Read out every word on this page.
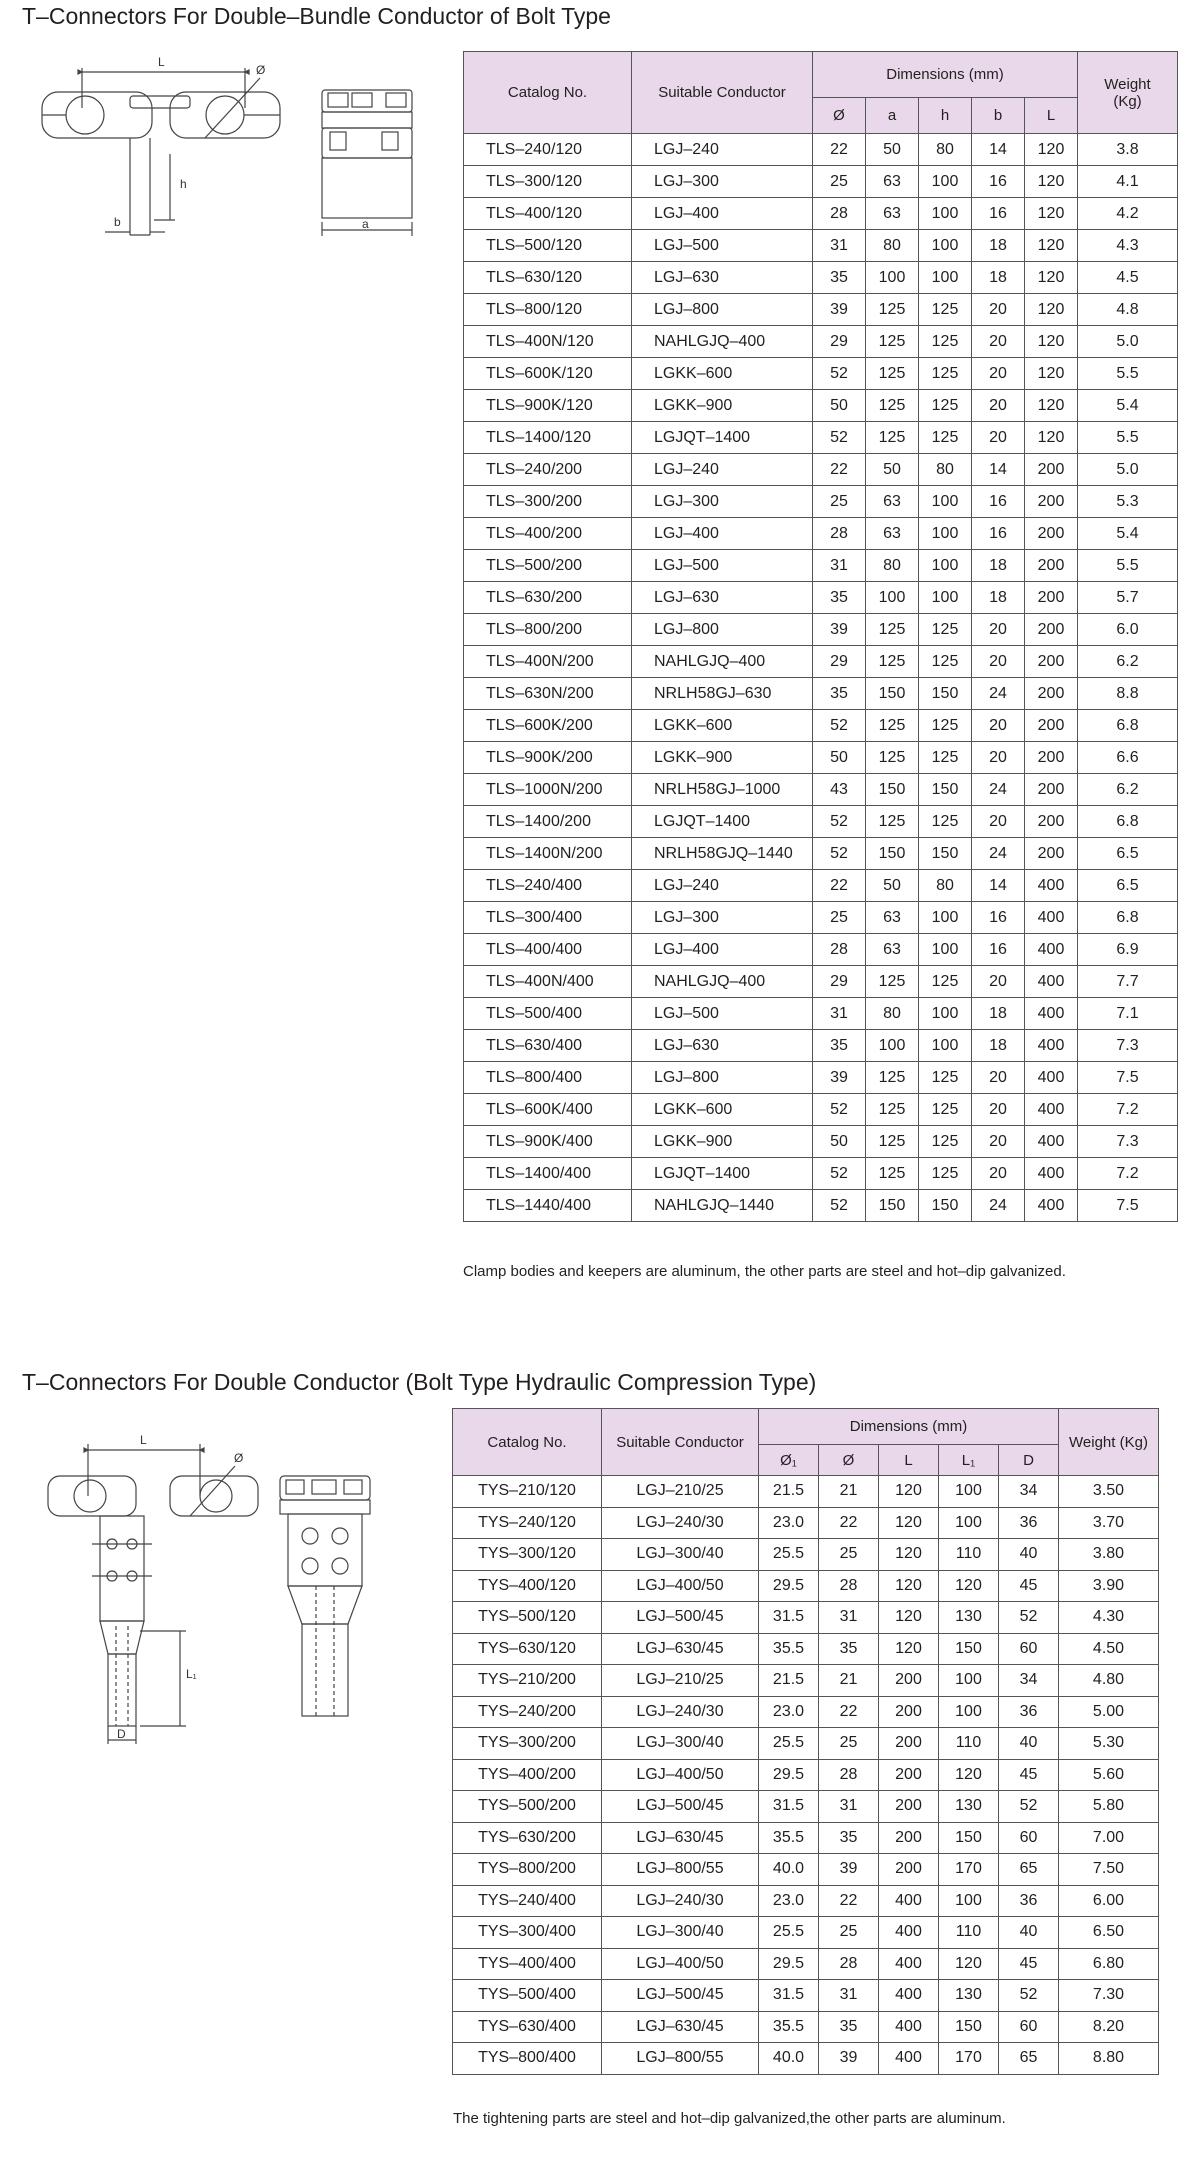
T–Connectors For Double–Bundle Conductor of Bolt Type
L
Ø
h
b	a
Catalog No.	Suitable Conductor	Dimensions (mm)					Weight
(Kg)
		Ø	a	h	b	L	
TLS–240/120	LGJ–240	22	50	80	14	120	3.8
TLS–300/120	LGJ–300	25	63	100	16	120	4.1
TLS–400/120	LGJ–400	28	63	100	16	120	4.2
TLS–500/120	LGJ–500	31	80	100	18	120	4.3
TLS–630/120	LGJ–630	35	100	100	18	120	4.5
TLS–800/120	LGJ–800	39	125	125	20	120	4.8
TLS–400N/120	NAHLGJQ–400	29	125	125	20	120	5.0
TLS–600K/120	LGKK–600	52	125	125	20	120	5.5
TLS–900K/120	LGKK–900	50	125	125	20	120	5.4
TLS–1400/120	LGJQT–1400	52	125	125	20	120	5.5
TLS–240/200	LGJ–240	22	50	80	14	200	5.0
TLS–300/200	LGJ–300	25	63	100	16	200	5.3
TLS–400/200	LGJ–400	28	63	100	16	200	5.4
TLS–500/200	LGJ–500	31	80	100	18	200	5.5
TLS–630/200	LGJ–630	35	100	100	18	200	5.7
TLS–800/200	LGJ–800	39	125	125	20	200	6.0
TLS–400N/200	NAHLGJQ–400	29	125	125	20	200	6.2
TLS–630N/200	NRLH58GJ–630	35	150	150	24	200	8.8
TLS–600K/200	LGKK–600	52	125	125	20	200	6.8
TLS–900K/200	LGKK–900	50	125	125	20	200	6.6
TLS–1000N/200	NRLH58GJ–1000	43	150	150	24	200	6.2
TLS–1400/200	LGJQT–1400	52	125	125	20	200	6.8
TLS–1400N/200	NRLH58GJQ–1440	52	150	150	24	200	6.5
TLS–240/400	LGJ–240	22	50	80	14	400	6.5
TLS–300/400	LGJ–300	25	63	100	16	400	6.8
TLS–400/400	LGJ–400	28	63	100	16	400	6.9
TLS–400N/400	NAHLGJQ–400	29	125	125	20	400	7.7
TLS–500/400	LGJ–500	31	80	100	18	400	7.1
TLS–630/400	LGJ–630	35	100	100	18	400	7.3
TLS–800/400	LGJ–800	39	125	125	20	400	7.5
TLS–600K/400	LGKK–600	52	125	125	20	400	7.2
TLS–900K/400	LGKK–900	50	125	125	20	400	7.3
TLS–1400/400	LGJQT–1400	52	125	125	20	400	7.2
TLS–1440/400	NAHLGJQ–1440	52	150	150	24	400	7.5
Clamp bodies and keepers are aluminum, the other parts are steel and hot–dip galvanized.
T–Connectors For Double Conductor (Bolt Type Hydraulic Compression Type)
L
Ø
L₁
D
Catalog No.	Suitable Conductor	Dimensions (mm)					Weight (Kg)
		Ø₁	Ø	L	L₁	D	
TYS–210/120	LGJ–210/25	21.5	21	120	100	34	3.50
TYS–240/120	LGJ–240/30	23.0	22	120	100	36	3.70
TYS–300/120	LGJ–300/40	25.5	25	120	110	40	3.80
TYS–400/120	LGJ–400/50	29.5	28	120	120	45	3.90
TYS–500/120	LGJ–500/45	31.5	31	120	130	52	4.30
TYS–630/120	LGJ–630/45	35.5	35	120	150	60	4.50
TYS–210/200	LGJ–210/25	21.5	21	200	100	34	4.80
TYS–240/200	LGJ–240/30	23.0	22	200	100	36	5.00
TYS–300/200	LGJ–300/40	25.5	25	200	110	40	5.30
TYS–400/200	LGJ–400/50	29.5	28	200	120	45	5.60
TYS–500/200	LGJ–500/45	31.5	31	200	130	52	5.80
TYS–630/200	LGJ–630/45	35.5	35	200	150	60	7.00
TYS–800/200	LGJ–800/55	40.0	39	200	170	65	7.50
TYS–240/400	LGJ–240/30	23.0	22	400	100	36	6.00
TYS–300/400	LGJ–300/40	25.5	25	400	110	40	6.50
TYS–400/400	LGJ–400/50	29.5	28	400	120	45	6.80
TYS–500/400	LGJ–500/45	31.5	31	400	130	52	7.30
TYS–630/400	LGJ–630/45	35.5	35	400	150	60	8.20
TYS–800/400	LGJ–800/55	40.0	39	400	170	65	8.80
The tightening parts are steel and hot–dip galvanized,the other parts are aluminum.
